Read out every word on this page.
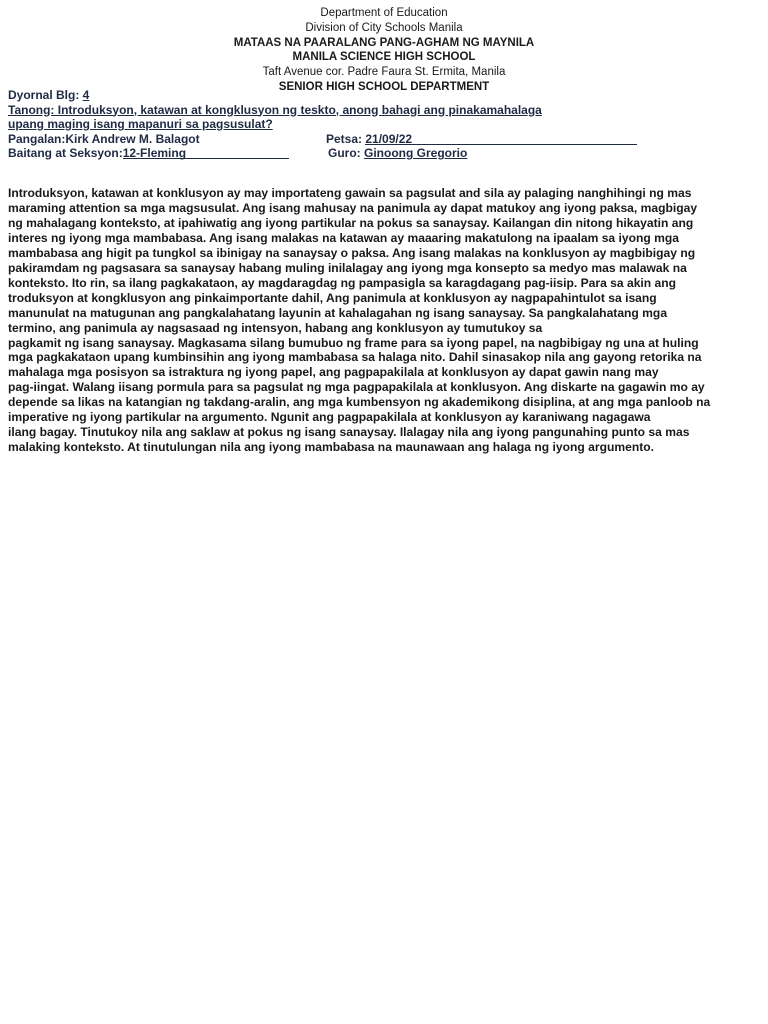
Department of Education
Division of City Schools Manila
MATAAS NA PAARALANG PANG-AGHAM NG MAYNILA
MANILA SCIENCE HIGH SCHOOL
Taft Avenue cor. Padre Faura St. Ermita, Manila
SENIOR HIGH SCHOOL DEPARTMENT
Dyornal Blg: 4
Tanong: Introduksyon, katawan at kongklusyon ng teskto, anong bahagi ang pinakamahalaga
upang maging isang mapanuri sa pagsusulat?
Pangalan:Kirk Andrew M. Balagot	Petsa: 21/09/22
Baitang at Seksyon:12-Fleming	Guro: Ginoong Gregorio

Introduksyon, katawan at konklusyon ay may importateng gawain sa pagsulat and sila ay palaging nanghihingi ng mas

maraming attention sa mga magsusulat. Ang isang mahusay na panimula ay dapat matukoy ang iyong paksa, magbigay

ng mahalagang konteksto, at ipahiwatig ang iyong partikular na pokus sa sanaysay. Kailangan din nitong hikayatin ang

interes ng iyong mga mambabasa. Ang isang malakas na katawan ay maaaring makatulong na ipaalam sa iyong mga

mambabasa ang higit pa tungkol sa ibinigay na sanaysay o paksa. Ang isang malakas na konklusyon ay magbibigay ng

pakiramdam ng pagsasara sa sanaysay habang muling inilalagay ang iyong mga konsepto sa medyo mas malawak na

konteksto. Ito rin, sa ilang pagkakataon, ay magdaragdag ng pampasigla sa karagdagang pag-iisip. Para sa akin ang

troduksyon at kongklusyon ang pinkaimportante dahil, Ang panimula at konklusyon ay nagpapahintulot sa isang

manunulat na matugunan ang pangkalahatang layunin at kahalagahan ng isang sanaysay. Sa pangkalahatang mga

termino, ang panimula ay nagsasaad ng intensyon, habang ang konklusyon ay tumutukoy sa

pagkamit ng isang sanaysay. Magkasama silang bumubuo ng frame para sa iyong papel, na nagbibigay ng una at huling

mga pagkakataon upang kumbinsihin ang iyong mambabasa sa halaga nito. Dahil sinasakop nila ang gayong retorika na

mahalaga mga posisyon sa istraktura ng iyong papel, ang pagpapakilala at konklusyon ay dapat gawin nang may

pag-iingat. Walang iisang pormula para sa pagsulat ng mga pagpapakilala at konklusyon. Ang diskarte na gagawin mo ay

depende sa likas na katangian ng takdang-aralin, ang mga kumbensyon ng akademikong disiplina, at ang mga panloob na

imperative ng iyong partikular na argumento. Ngunit ang pagpapakilala at konklusyon ay karaniwang nagagawa

ilang bagay. Tinutukoy nila ang saklaw at pokus ng isang sanaysay. Ilalagay nila ang iyong pangunahing punto sa mas

malaking konteksto. At tinutulungan nila ang iyong mambabasa na maunawaan ang halaga ng iyong argumento.
